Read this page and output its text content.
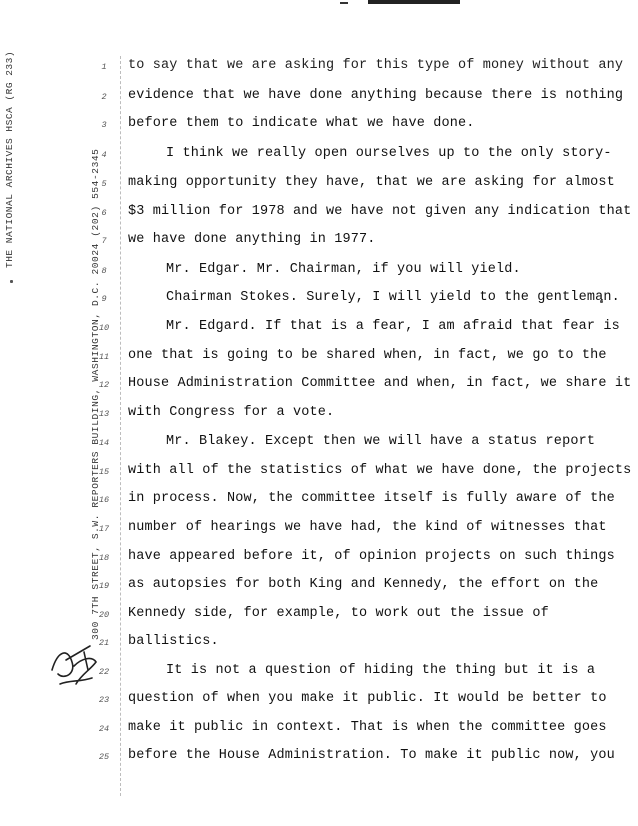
THE NATIONAL ARCHIVES HSCA (RG 233)	300 7TH STREET, S.W. REPORTERS BUILDING, WASHINGTON, D.C. 20024 (202) 554-2345
1	to say that we are asking for this type of money without any
2	evidence that we have done anything because there is nothing
3	before them to indicate what we have done.
4	I think we really open ourselves up to the only story-
5	making opportunity they have, that we are asking for almost
6	$3 million for 1978 and we have not given any indication that
7	we have done anything in 1977.
8	Mr. Edgar. Mr. Chairman, if you will yield.
9	Chairman Stokes. Surely, I will yield to the gentleman.
10	Mr. Edgard. If that is a fear, I am afraid that fear is
11 one that is going to be shared when, in fact, we go to the
12 House Administration Committee and when, in fact, we share it
13 with Congress for a vote.
14	Mr. Blakey. Except then we will have a status report
15 with all of the statistics of what we have done, the projects
16 in process. Now, the committee itself is fully aware of the
17 number of hearings we have had, the kind of witnesses that
18 have appeared before it, of opinion projects on such things
19 as autopsies for both King and Kennedy, the effort on the
20 Kennedy side, for example, to work out the issue of
21 ballistics.
22	It is not a question of hiding the thing but it is a
23 question of when you make it public. It would be better to
24 make it public in context. That is when the committee goes
25 before the House Administration. To make it public now, you
